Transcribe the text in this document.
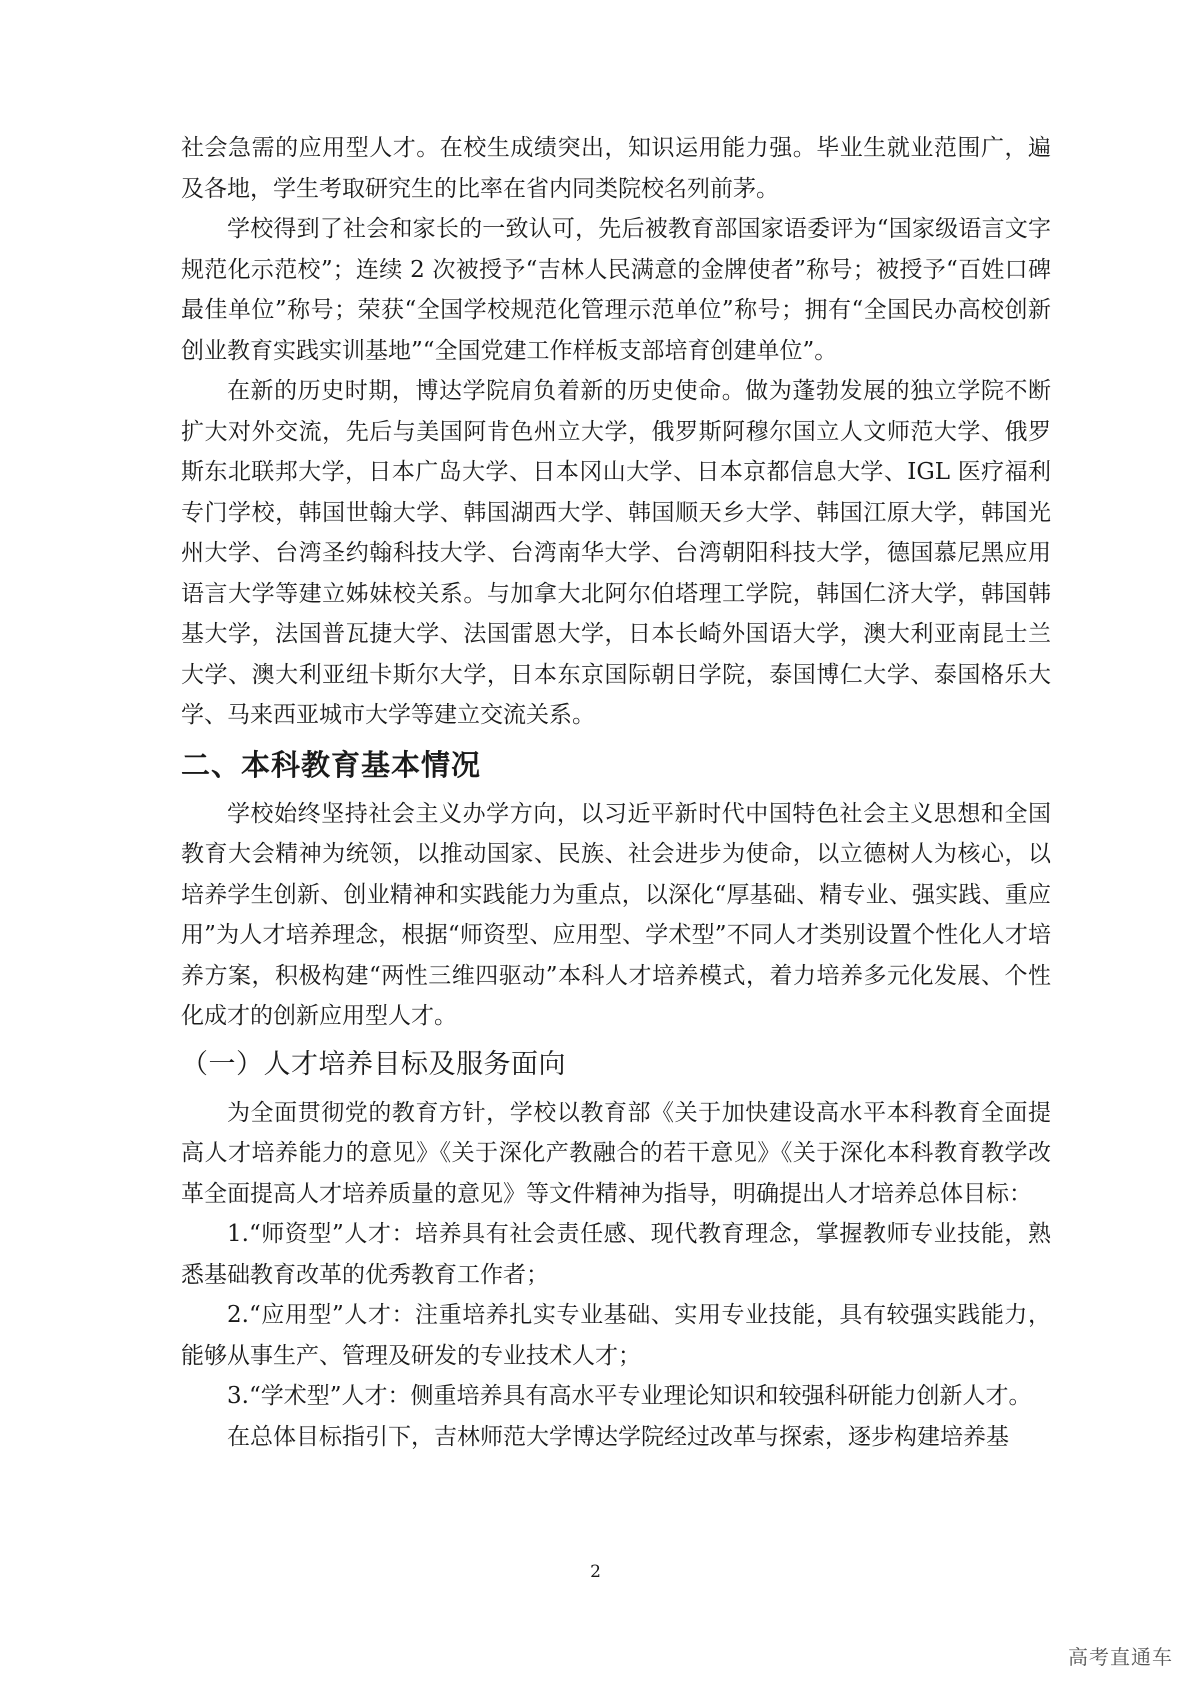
社会急需的应用型人才。在校生成绩突出，知识运用能力强。毕业生就业范围广，遍及各地，学生考取研究生的比率在省内同类院校名列前茅。

学校得到了社会和家长的一致认可，先后被教育部国家语委评为“国家级语言文字规范化示范校”；连续 2 次被授予“吉林人民满意的金牌使者”称号；被授予“百姓口碑最佳单位”称号；荣获“全国学校规范化管理示范单位”称号；拥有“全国民办高校创新创业教育实践实训基地”“全国党建工作样板支部培育创建单位”。

在新的历史时期，博达学院肩负着新的历史使命。做为蓬勃发展的独立学院不断扩大对外交流，先后与美国阿肯色州立大学，俄罗斯阿穆尔国立人文师范大学、俄罗斯东北联邦大学，日本广岛大学、日本冈山大学、日本京都信息大学、IGL 医疗福利专门学校，韩国世翰大学、韩国湖西大学、韩国顺天乡大学、韩国江原大学，韩国光州大学、台湾圣约翰科技大学、台湾南华大学、台湾朝阳科技大学，德国慕尼黑应用语言大学等建立姊妹校关系。与加拿大北阿尔伯塔理工学院，韩国仁济大学，韩国韩基大学，法国普瓦捷大学、法国雷恩大学，日本长崎外国语大学，澳大利亚南昆士兰大学、澳大利亚纽卡斯尔大学，日本东京国际朝日学院，泰国博仁大学、泰国格乐大学、马来西亚城市大学等建立交流关系。

二、本科教育基本情况

学校始终坚持社会主义办学方向，以习近平新时代中国特色社会主义思想和全国教育大会精神为统领，以推动国家、民族、社会进步为使命，以立德树人为核心，以培养学生创新、创业精神和实践能力为重点，以深化“厚基础、精专业、强实践、重应用”为人才培养理念，根据“师资型、应用型、学术型”不同人才类别设置个性化人才培养方案，积极构建“两性三维四驱动”本科人才培养模式，着力培养多元化发展、个性化成才的创新应用型人才。

（一）人才培养目标及服务面向

为全面贯彻党的教育方针，学校以教育部《关于加快建设高水平本科教育全面提高人才培养能力的意见》《关于深化产教融合的若干意见》《关于深化本科教育教学改革全面提高人才培养质量的意见》等文件精神为指导，明确提出人才培养总体目标：

1.“师资型”人才：培养具有社会责任感、现代教育理念，掌握教师专业技能，熟悉基础教育改革的优秀教育工作者；

2.“应用型”人才：注重培养扎实专业基础、实用专业技能，具有较强实践能力，能够从事生产、管理及研发的专业技术人才；

3.“学术型”人才：侧重培养具有高水平专业理论知识和较强科研能力创新人才。

在总体目标指引下，吉林师范大学博达学院经过改革与探索，逐步构建培养基

2
高考直通车
